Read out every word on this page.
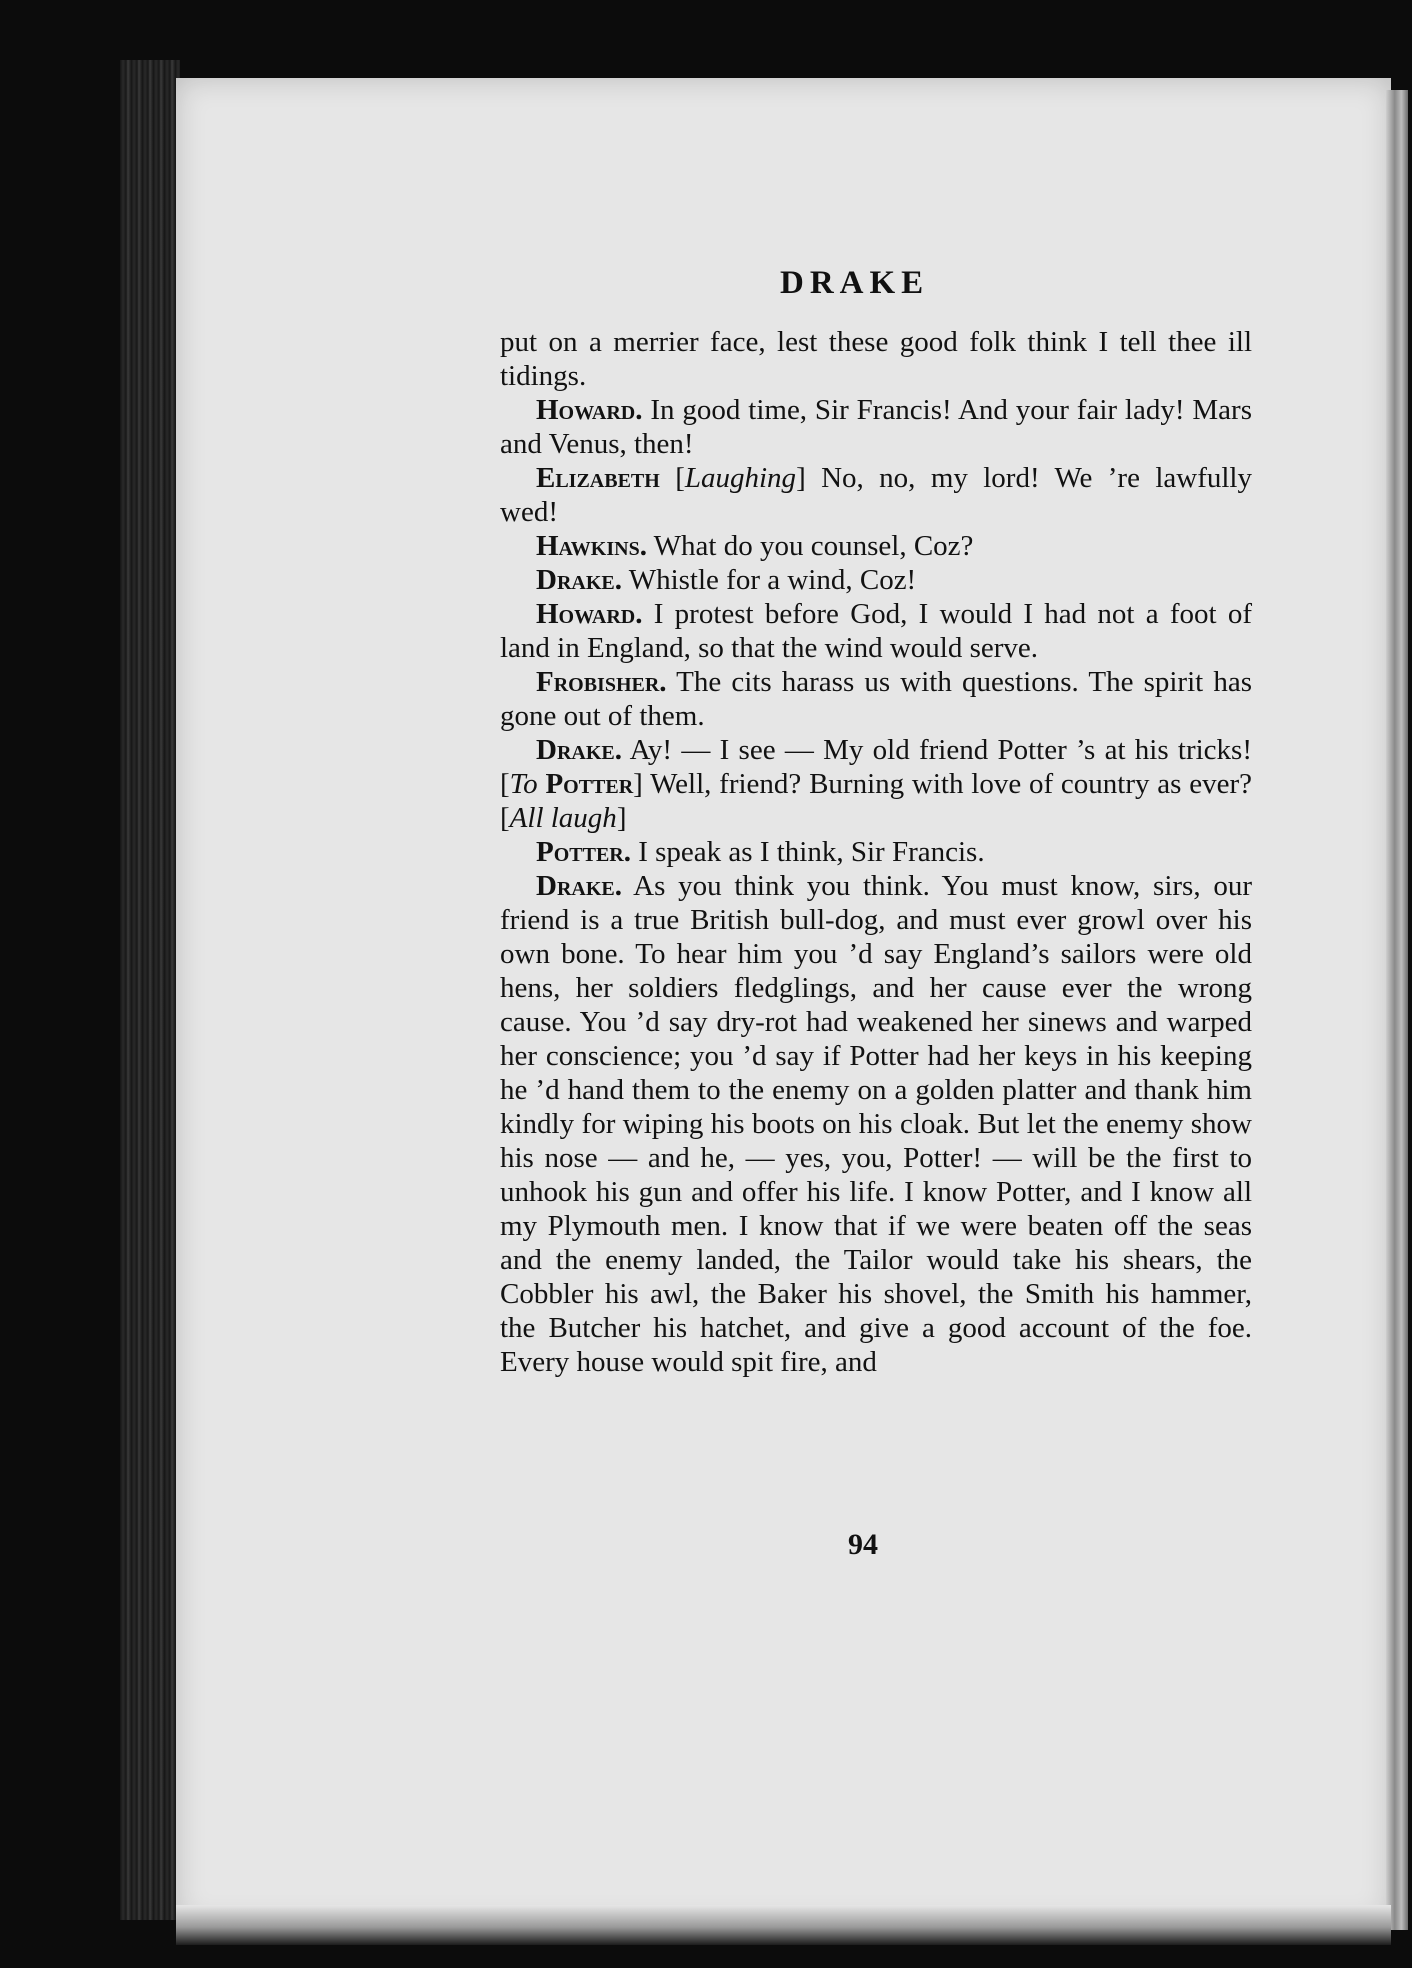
DRAKE

put on a merrier face, lest these good folk think I tell thee ill tidings.

Howard. In good time, Sir Francis! And your fair lady! Mars and Venus, then!

Elizabeth [Laughing] No, no, my lord! We ’re lawfully wed!

Hawkins. What do you counsel, Coz?

Drake. Whistle for a wind, Coz!

Howard. I protest before God, I would I had not a foot of land in England, so that the wind would serve.

Frobisher. The cits harass us with questions. The spirit has gone out of them.

Drake. Ay! — I see — My old friend Potter ’s at his tricks! [To Potter] Well, friend? Burning with love of country as ever? [All laugh]

Potter. I speak as I think, Sir Francis.

Drake. As you think you think. You must know, sirs, our friend is a true British bull-dog, and must ever growl over his own bone. To hear him you ’d say England’s sailors were old hens, her soldiers fledglings, and her cause ever the wrong cause. You ’d say dry-rot had weakened her sinews and warped her conscience; you ’d say if Potter had her keys in his keeping he ’d hand them to the enemy on a golden platter and thank him kindly for wiping his boots on his cloak. But let the enemy show his nose — and he, — yes, you, Potter! — will be the first to unhook his gun and offer his life. I know Potter, and I know all my Plymouth men. I know that if we were beaten off the seas and the enemy landed, the Tailor would take his shears, the Cobbler his awl, the Baker his shovel, the Smith his hammer, the Butcher his hatchet, and give a good account of the foe. Every house would spit fire, and

94
